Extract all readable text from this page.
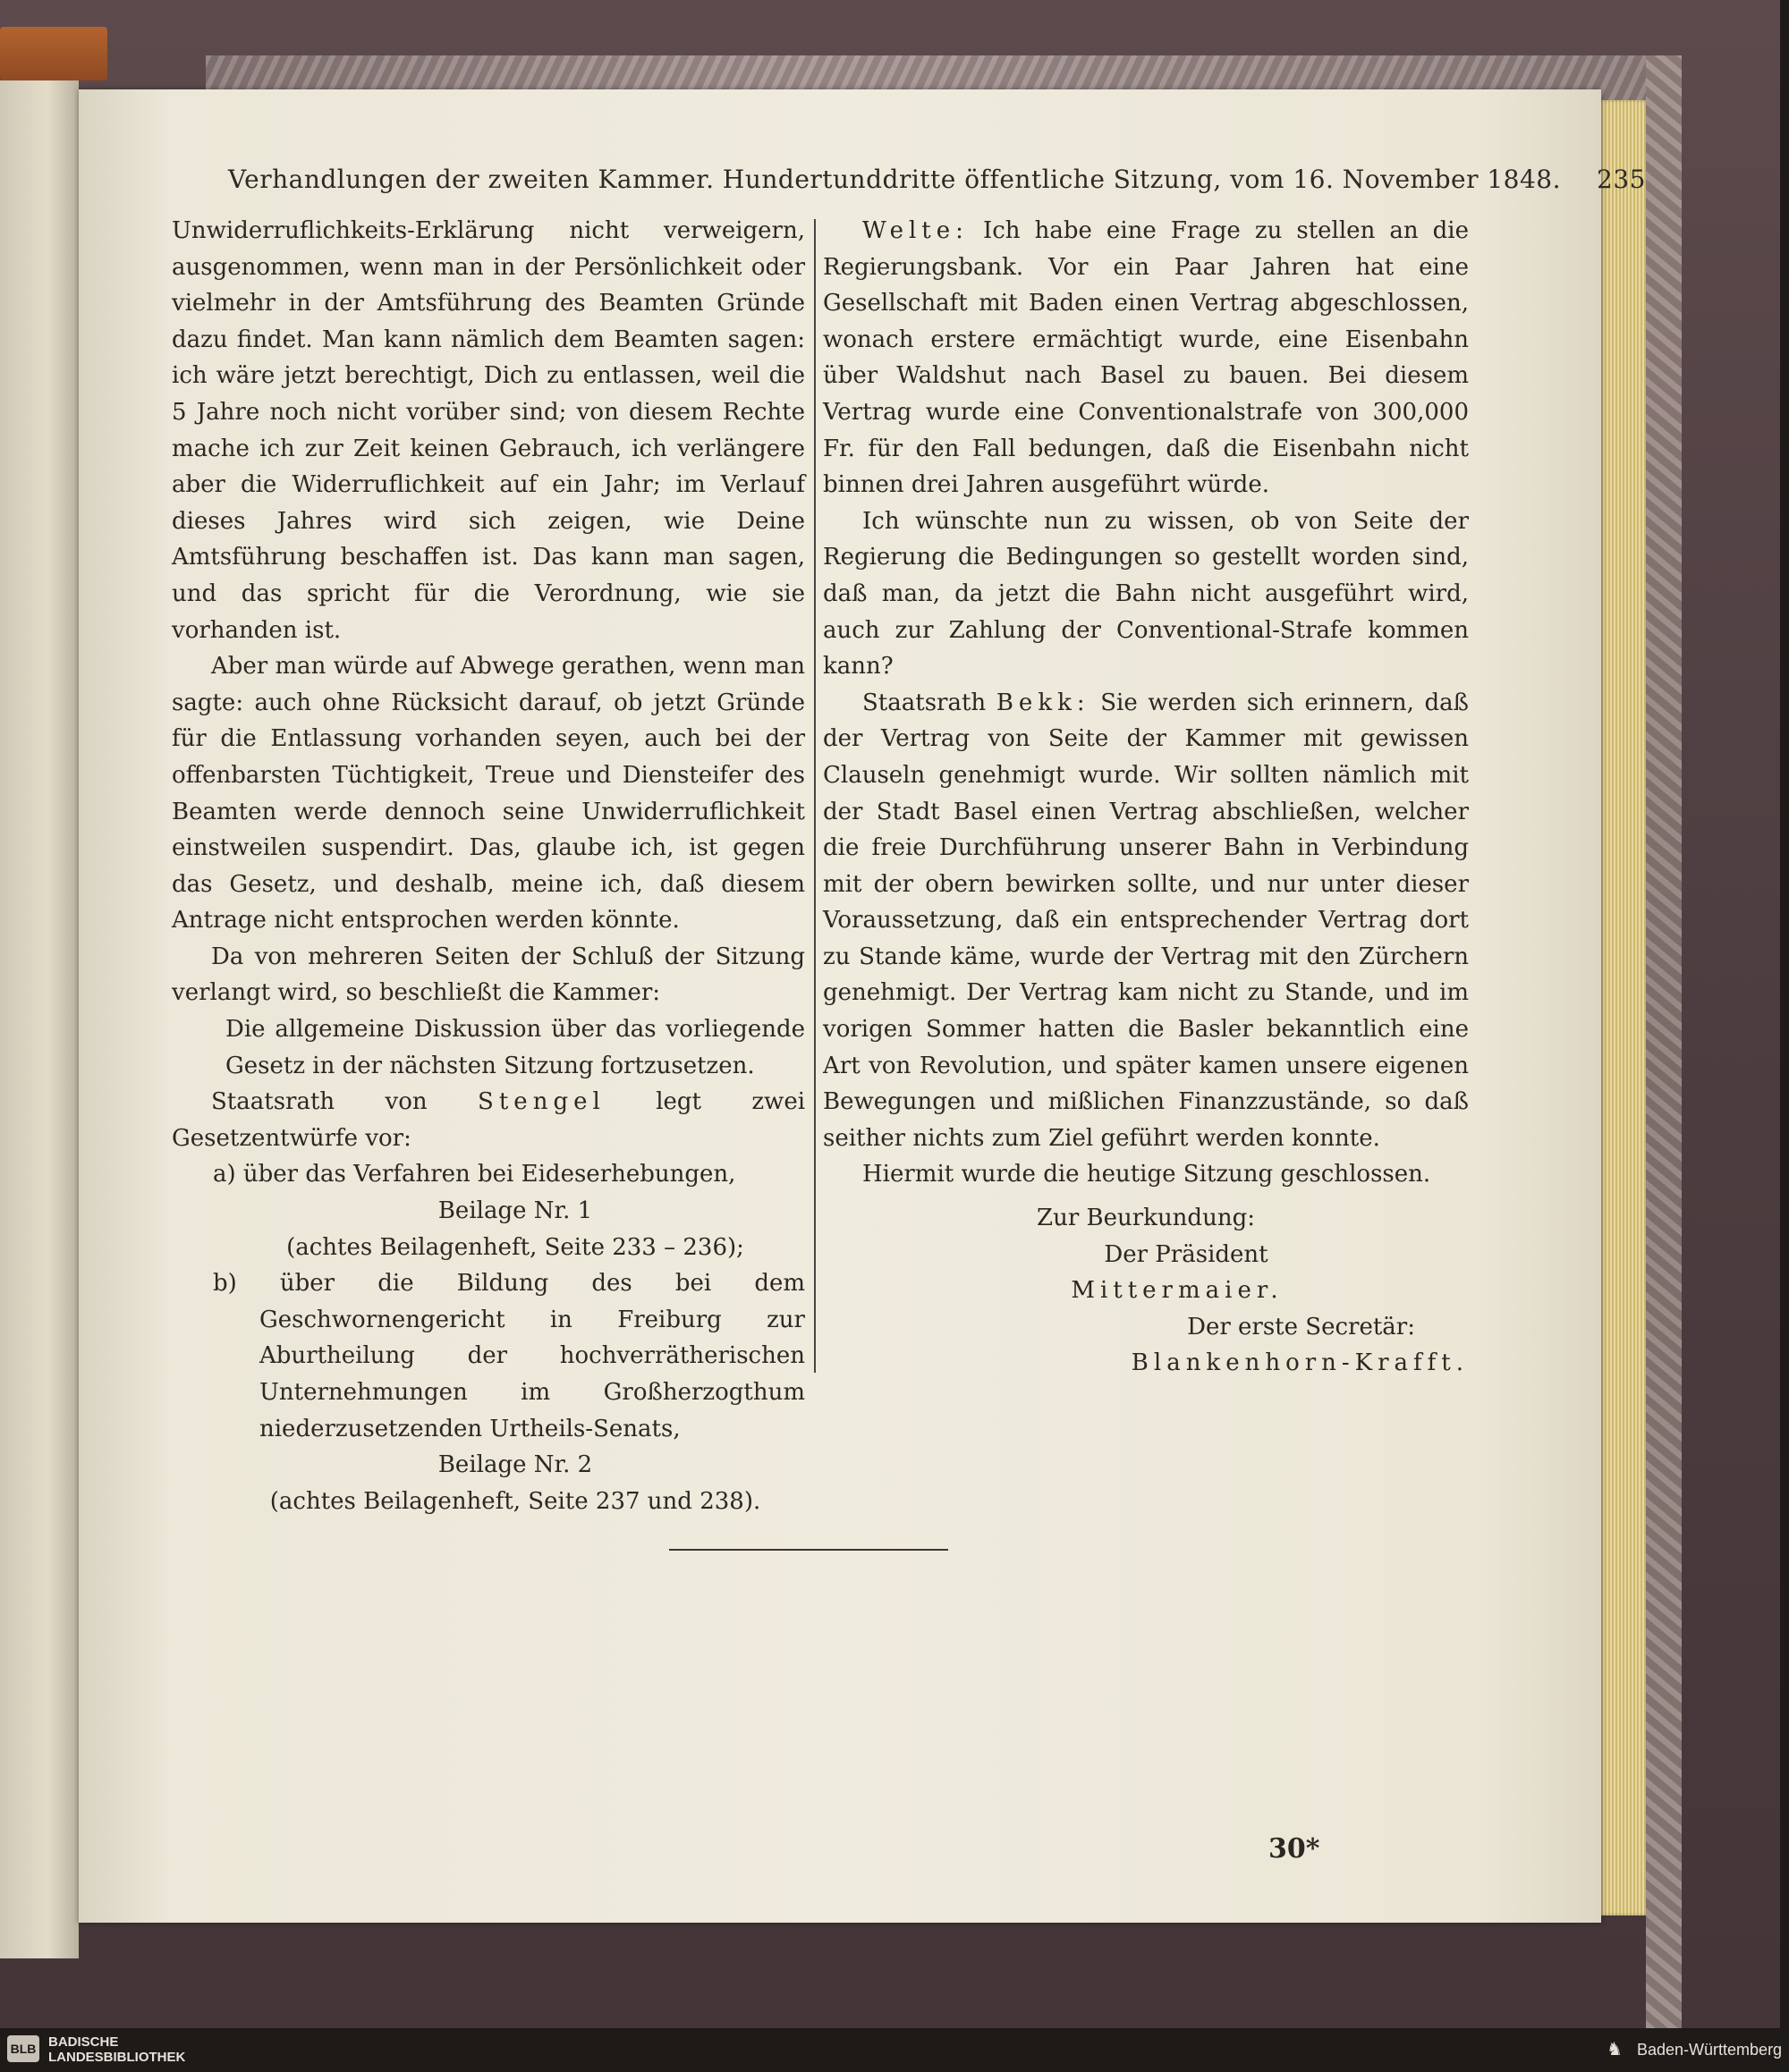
Verhandlungen der zweiten Kammer. Hundertunddritte öffentliche Sitzung, vom 16. November 1848. 235

Unwiderruflichkeits-Erklärung nicht verweigern, ausgenommen, wenn man in der Persönlichkeit oder vielmehr in der Amtsführung des Beamten Gründe dazu findet. Man kann nämlich dem Beamten sagen: ich wäre jetzt berechtigt, Dich zu entlassen, weil die 5 Jahre noch nicht vorüber sind; von diesem Rechte mache ich zur Zeit keinen Gebrauch, ich verlängere aber die Widerruflichkeit auf ein Jahr; im Verlauf dieses Jahres wird sich zeigen, wie Deine Amtsführung beschaffen ist. Das kann man sagen, und das spricht für die Verordnung, wie sie vorhanden ist.

Aber man würde auf Abwege gerathen, wenn man sagte: auch ohne Rücksicht darauf, ob jetzt Gründe für die Entlassung vorhanden seyen, auch bei der offenbarsten Tüchtigkeit, Treue und Diensteifer des Beamten werde dennoch seine Unwiderruflichkeit einstweilen suspendirt. Das, glaube ich, ist gegen das Gesetz, und deshalb, meine ich, daß diesem Antrage nicht entsprochen werden könnte.

Da von mehreren Seiten der Schluß der Sitzung verlangt wird, so beschließt die Kammer:

Die allgemeine Diskussion über das vorliegende Gesetz in der nächsten Sitzung fortzusetzen.

Staatsrath von Stengel legt zwei Gesetzentwürfe vor:

a) über das Verfahren bei Eideserhebungen,

Beilage Nr. 1

(achtes Beilagenheft, Seite 233 – 236);

b) über die Bildung des bei dem Geschwornengericht in Freiburg zur Aburtheilung der hochverrätherischen Unternehmungen im Großherzogthum niederzusetzenden Urtheils-Senats,

Beilage Nr. 2

(achtes Beilagenheft, Seite 237 und 238).

Welte: Ich habe eine Frage zu stellen an die Regierungsbank. Vor ein Paar Jahren hat eine Gesellschaft mit Baden einen Vertrag abgeschlossen, wonach erstere ermächtigt wurde, eine Eisenbahn über Waldshut nach Basel zu bauen. Bei diesem Vertrag wurde eine Conventionalstrafe von 300,000 Fr. für den Fall bedungen, daß die Eisenbahn nicht binnen drei Jahren ausgeführt würde.

Ich wünschte nun zu wissen, ob von Seite der Regierung die Bedingungen so gestellt worden sind, daß man, da jetzt die Bahn nicht ausgeführt wird, auch zur Zahlung der Conventional-Strafe kommen kann?

Staatsrath Bekk: Sie werden sich erinnern, daß der Vertrag von Seite der Kammer mit gewissen Clauseln genehmigt wurde. Wir sollten nämlich mit der Stadt Basel einen Vertrag abschließen, welcher die freie Durchführung unserer Bahn in Verbindung mit der obern bewirken sollte, und nur unter dieser Voraussetzung, daß ein entsprechender Vertrag dort zu Stande käme, wurde der Vertrag mit den Zürchern genehmigt. Der Vertrag kam nicht zu Stande, und im vorigen Sommer hatten die Basler bekanntlich eine Art von Revolution, und später kamen unsere eigenen Bewegungen und mißlichen Finanzzustände, so daß seither nichts zum Ziel geführt werden konnte.

Hiermit wurde die heutige Sitzung geschlossen.

Zur Beurkundung:

Der Präsident

Mittermaier.

Der erste Secretär:

Blankenhorn-Krafft.

30*
BLB BADISCHE
LANDESBIBLIOTHEK	♞ Baden-Württemberg
